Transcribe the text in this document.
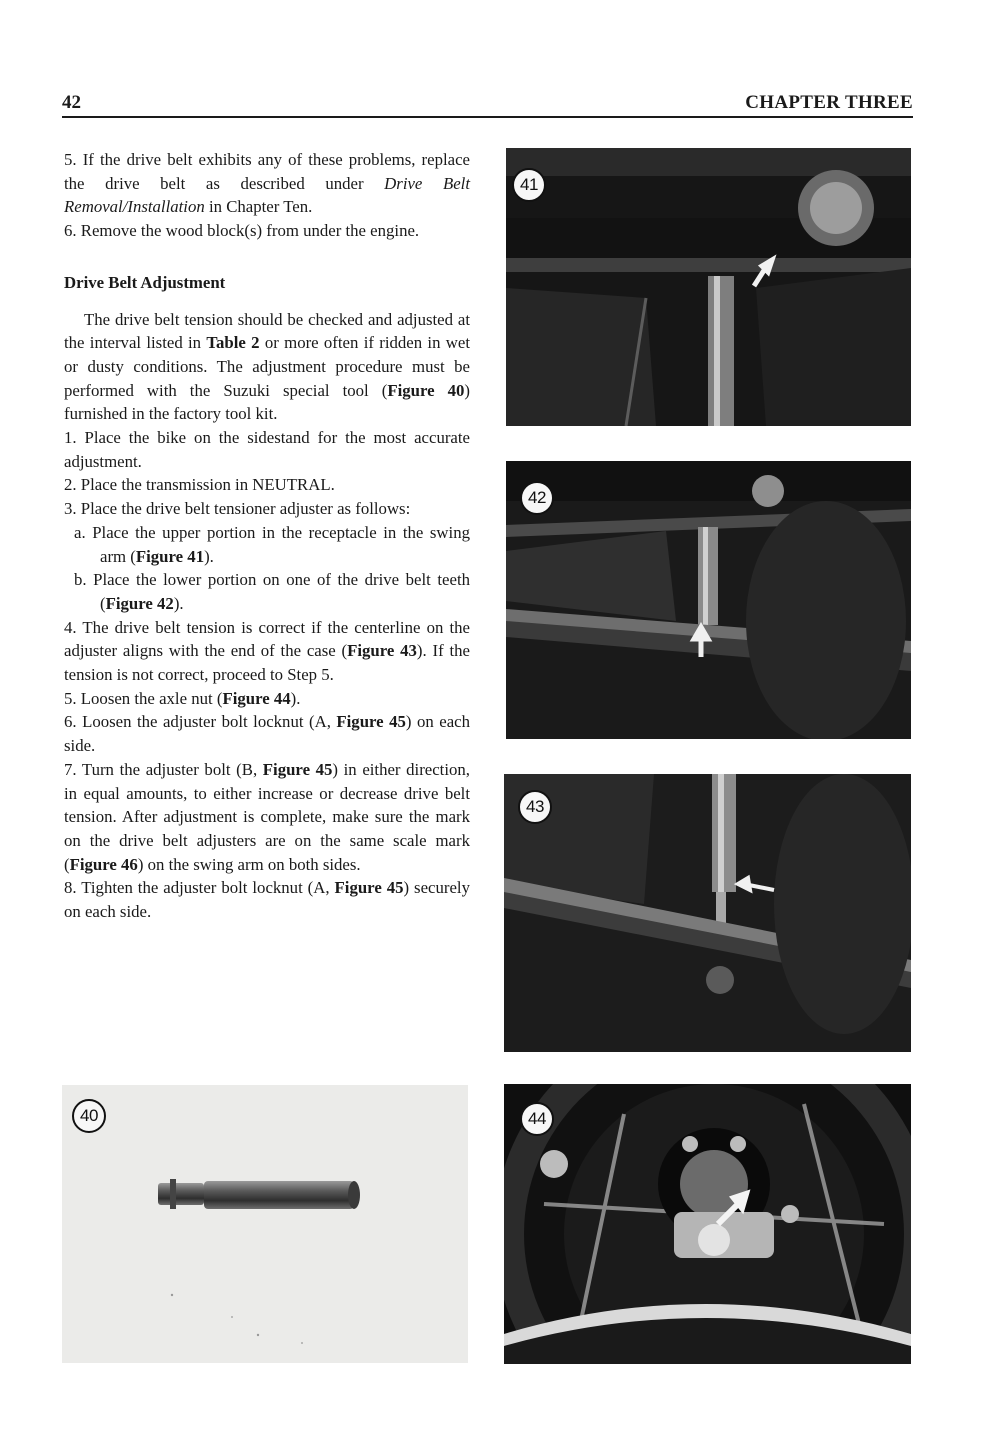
42	CHAPTER THREE

5. If the drive belt exhibits any of these problems, replace the drive belt as described under Drive Belt Removal/Installation in Chapter Ten.

6. Remove the wood block(s) from under the engine.

Drive Belt Adjustment

The drive belt tension should be checked and adjusted at the interval listed in Table 2 or more often if ridden in wet or dusty conditions. The adjustment procedure must be performed with the Suzuki special tool (Figure 40) furnished in the factory tool kit.

1. Place the bike on the sidestand for the most accurate adjustment.

2. Place the transmission in NEUTRAL.

3. Place the drive belt tensioner adjuster as follows:

a. Place the upper portion in the receptacle in the swing arm (Figure 41).

b. Place the lower portion on one of the drive belt teeth (Figure 42).

4. The drive belt tension is correct if the centerline on the adjuster aligns with the end of the case (Figure 43). If the tension is not correct, proceed to Step 5.

5. Loosen the axle nut (Figure 44).

6. Loosen the adjuster bolt locknut (A, Figure 45) on each side.

7. Turn the adjuster bolt (B, Figure 45) in either direction, in equal amounts, to either increase or decrease drive belt tension. After adjustment is complete, make sure the mark on the drive belt adjusters are on the same scale mark (Figure 46) on the swing arm on both sides.

8. Tighten the adjuster bolt locknut (A, Figure 45) securely on each side.

40
41
42
43
44
